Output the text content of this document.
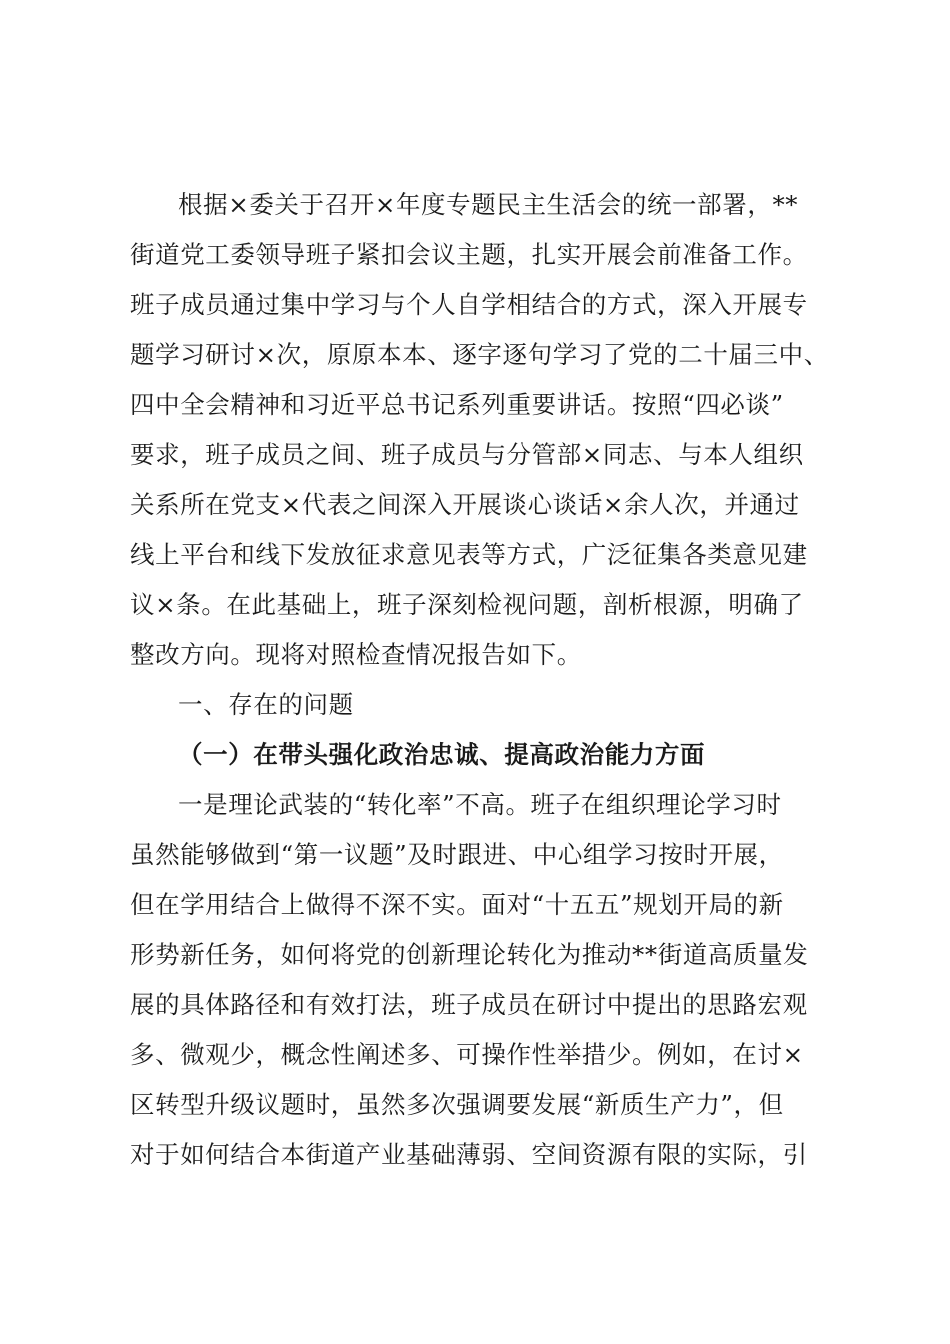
根据×委关于召开×年度专题民主生活会的统一部署，**
街道党工委领导班子紧扣会议主题，扎实开展会前准备工作。
班子成员通过集中学习与个人自学相结合的方式，深入开展专
题学习研讨×次，原原本本、逐字逐句学习了党的二十届三中、
四中全会精神和习近平总书记系列重要讲话。按照“四必谈”
要求，班子成员之间、班子成员与分管部×同志、与本人组织
关系所在党支×代表之间深入开展谈心谈话×余人次，并通过
线上平台和线下发放征求意见表等方式，广泛征集各类意见建
议×条。在此基础上，班子深刻检视问题，剖析根源，明确了
整改方向。现将对照检查情况报告如下。
一、存在的问题
（一）在带头强化政治忠诚、提高政治能力方面
一是理论武装的“转化率”不高。班子在组织理论学习时
虽然能够做到“第一议题”及时跟进、中心组学习按时开展，
但在学用结合上做得不深不实。面对“十五五”规划开局的新
形势新任务，如何将党的创新理论转化为推动**街道高质量发
展的具体路径和有效打法，班子成员在研讨中提出的思路宏观
多、微观少，概念性阐述多、可操作性举措少。例如，在讨×
区转型升级议题时，虽然多次强调要发展“新质生产力”，但
对于如何结合本街道产业基础薄弱、空间资源有限的实际，引
